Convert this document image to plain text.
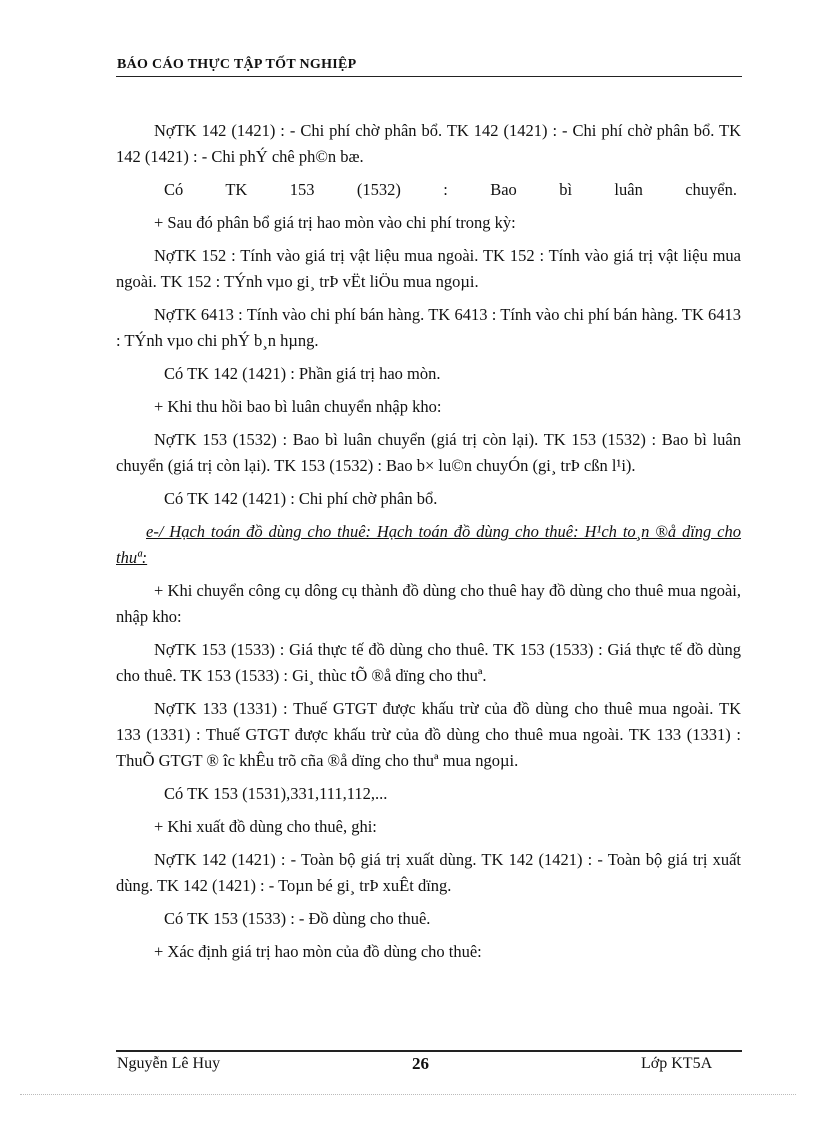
BÁO CÁO THỰC TẬP TỐT NGHIỆP

NợTK 142 (1421) : - Chi phí chờ phân bổ. TK 142 (1421) : - Chi phí chờ phân bổ. TK 142 (1421) : - Chi phÝ chê ph©n bæ.

Có TK 153 (1532) : Bao bì luân chuyển.

+ Sau đó phân bổ giá trị hao mòn vào chi phí trong kỳ:

NợTK 152 : Tính vào giá trị vật liệu mua ngoài. TK 152 : Tính vào giá trị vật liệu mua ngoài. TK 152 : TÝnh vµo gi¸ trÞ vËt liÖu mua ngoµi.

NợTK 6413 : Tính vào chi phí bán hàng. TK 6413 : Tính vào chi phí bán hàng. TK 6413 : TÝnh vµo chi phÝ b¸n hµng.

Có TK 142 (1421) : Phần giá trị hao mòn.

+ Khi thu hồi bao bì luân chuyển nhập kho:

NợTK 153 (1532) : Bao bì luân chuyển (giá trị còn lại). TK 153 (1532) : Bao bì luân chuyển (giá trị còn lại). TK 153 (1532) : Bao b× lu©n chuyÓn (gi¸ trÞ cßn l¹i).

Có TK 142 (1421) : Chi phí chờ phân bổ.

e-/ Hạch toán đồ dùng cho thuê: Hạch toán đồ dùng cho thuê: H¹ch to¸n ®å dïng cho thuª:

+ Khi chuyển công cụ dông cụ thành đồ dùng cho thuê hay đồ dùng cho thuê mua ngoài, nhập kho:

NợTK 153 (1533) : Giá thực tế đồ dùng cho thuê. TK 153 (1533) : Giá thực tế đồ dùng cho thuê. TK 153 (1533) : Gi¸ thùc tÕ ®å dïng cho thuª.

NợTK 133 (1331) : Thuế GTGT được khấu trừ của đồ dùng cho thuê mua ngoài. TK 133 (1331) : Thuế GTGT được khấu trừ của đồ dùng cho thuê mua ngoài. TK 133 (1331) : ThuÕ GTGT ® îc khÊu trõ cña ®å dïng cho thuª mua ngoµi.

Có TK 153 (1531),331,111,112,...

+ Khi xuất đồ dùng cho thuê, ghi:

NợTK 142 (1421) : - Toàn bộ giá trị xuất dùng. TK 142 (1421) : - Toàn bộ giá trị xuất dùng. TK 142 (1421) : - Toµn bé gi¸ trÞ xuÊt dïng.

Có TK 153 (1533) : - Đồ dùng cho thuê.

+ Xác định giá trị hao mòn của đồ dùng cho thuê:

Nguyễn Lê Huy	26	Lớp KT5A
